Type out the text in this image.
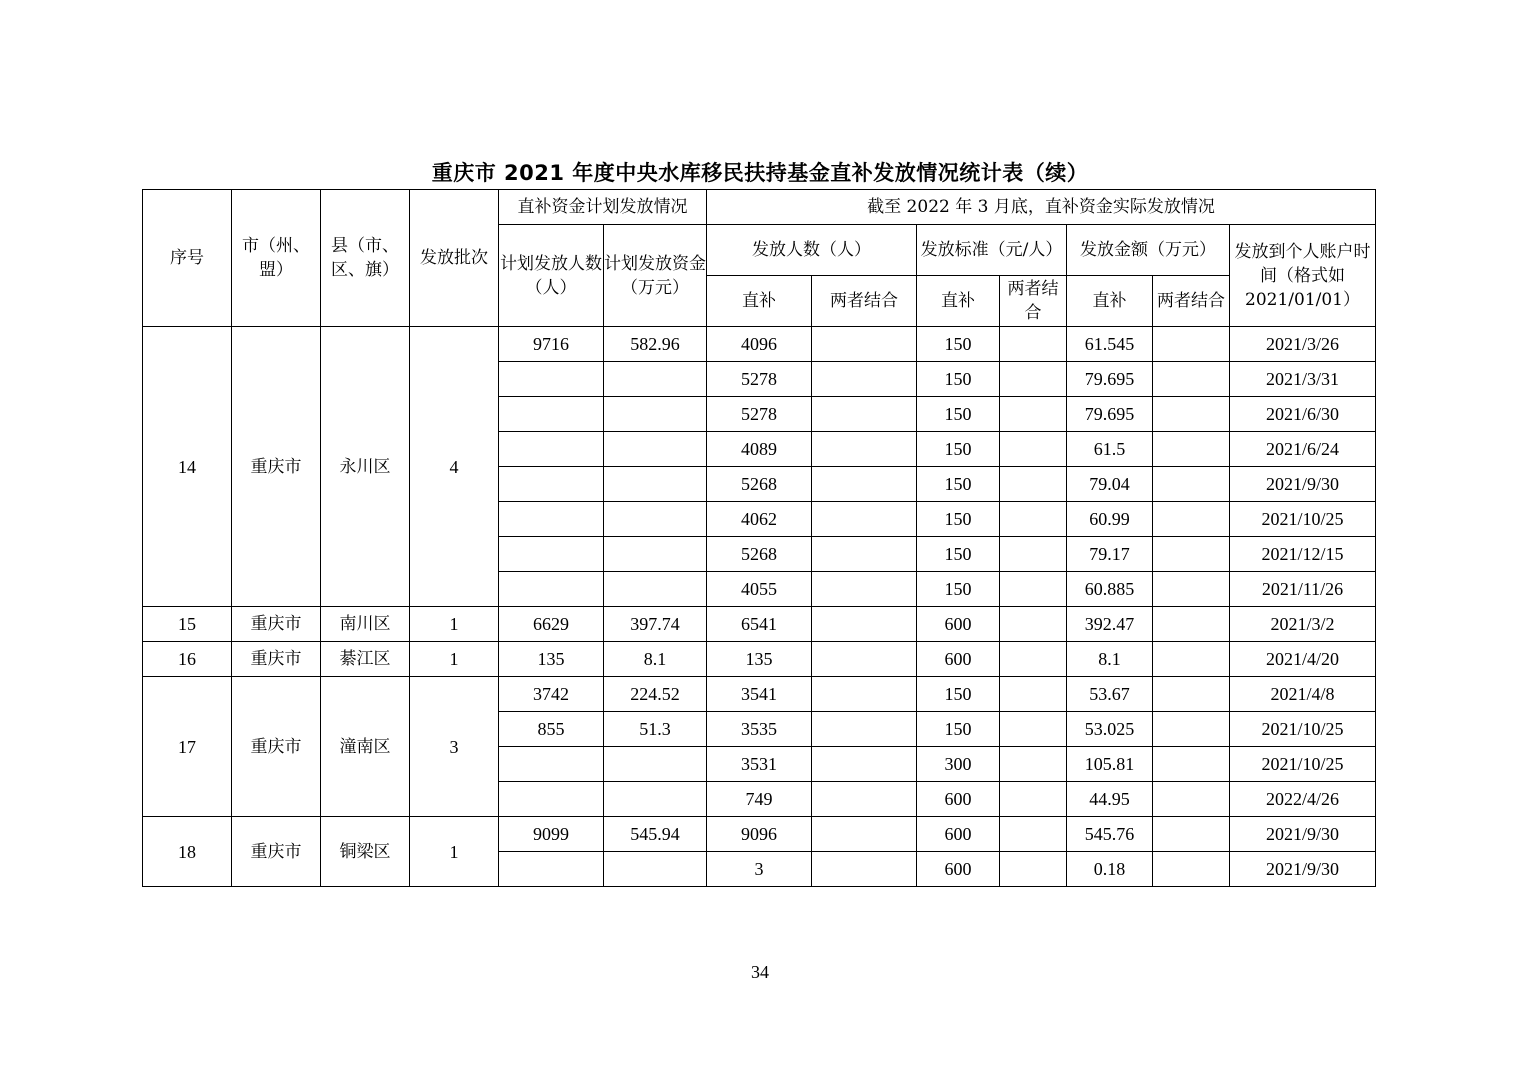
重庆市 2021 年度中央水库移民扶持基金直补发放情况统计表（续）
序号	市（州、盟）	县（市、区、旗）	发放批次	直补资金计划发放情况		截至 2022 年 3 月底，直补资金实际发放情况						
				计划发放人数（人）	计划发放资金（万元）	发放人数（人）		发放标准（元/人）		发放金额（万元）		发放到个人账户时间（格式如2021/01/01）
						直补	两者结合	直补	两者结合	直补	两者结合	
14	重庆市	永川区	4	9716	582.96	4096		150		61.545		2021/3/26
						5278		150		79.695		2021/3/31
						5278		150		79.695		2021/6/30
						4089		150		61.5		2021/6/24
						5268		150		79.04		2021/9/30
						4062		150		60.99		2021/10/25
						5268		150		79.17		2021/12/15
						4055		150		60.885		2021/11/26
15	重庆市	南川区	1	6629	397.74	6541		600		392.47		2021/3/2
16	重庆市	綦江区	1	135	8.1	135		600		8.1		2021/4/20
17	重庆市	潼南区	3	3742	224.52	3541		150		53.67		2021/4/8
				855	51.3	3535		150		53.025		2021/10/25
						3531		300		105.81		2021/10/25
						749		600		44.95		2022/4/26
18	重庆市	铜梁区	1	9099	545.94	9096		600		545.76		2021/9/30
						3		600		0.18		2021/9/30
34
